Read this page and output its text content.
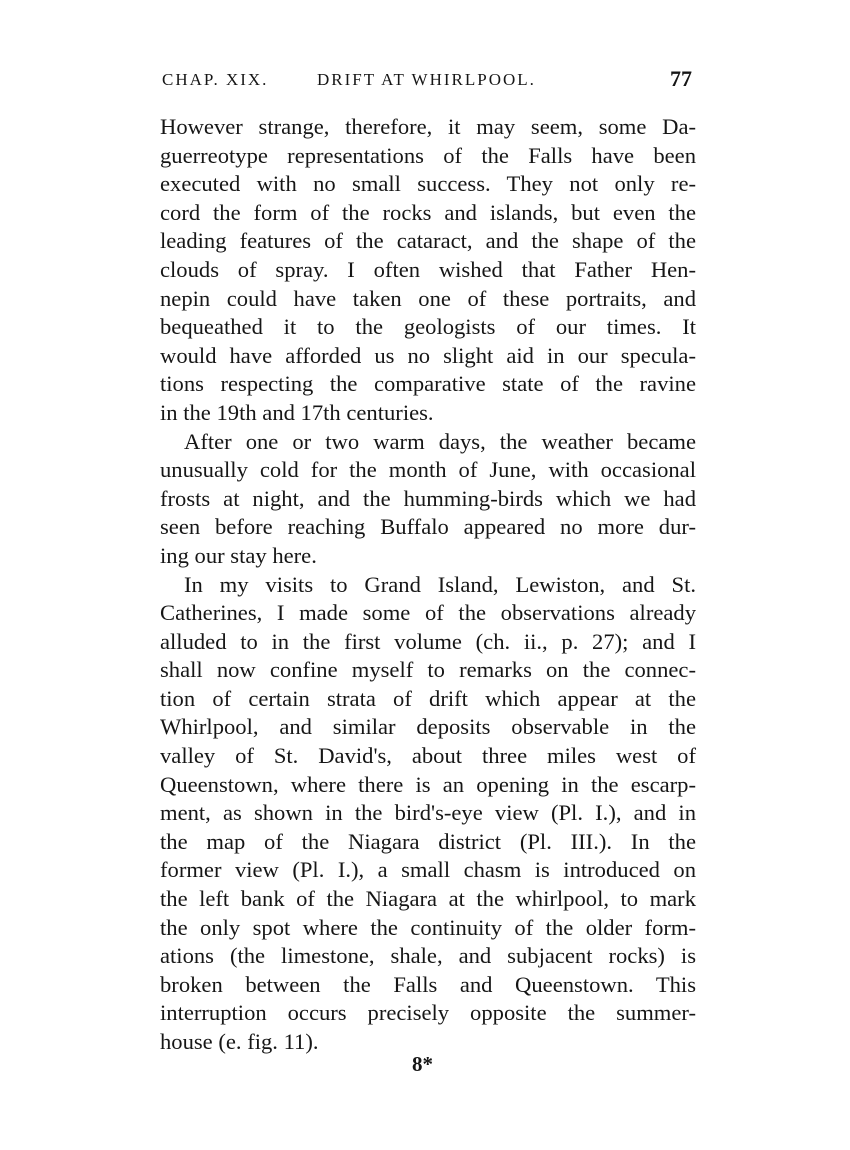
CHAP. XIX.	DRIFT AT WHIRLPOOL.	77
However strange, therefore, it may seem, some Da-
guerreotype representations of the Falls have been
executed with no small success. They not only re-
cord the form of the rocks and islands, but even the
leading features of the cataract, and the shape of the
clouds of spray. I often wished that Father Hen-
nepin could have taken one of these portraits, and
bequeathed it to the geologists of our times. It
would have afforded us no slight aid in our specula-
tions respecting the comparative state of the ravine
in the 19th and 17th centuries.
After one or two warm days, the weather became
unusually cold for the month of June, with occasional
frosts at night, and the humming-birds which we had
seen before reaching Buffalo appeared no more dur-
ing our stay here.
In my visits to Grand Island, Lewiston, and St.
Catherines, I made some of the observations already
alluded to in the first volume (ch. ii., p. 27); and I
shall now confine myself to remarks on the connec-
tion of certain strata of drift which appear at the
Whirlpool, and similar deposits observable in the
valley of St. David's, about three miles west of
Queenstown, where there is an opening in the escarp-
ment, as shown in the bird's-eye view (Pl. I.), and in
the map of the Niagara district (Pl. III.). In the
former view (Pl. I.), a small chasm is introduced on
the left bank of the Niagara at the whirlpool, to mark
the only spot where the continuity of the older form-
ations (the limestone, shale, and subjacent rocks) is
broken between the Falls and Queenstown. This
interruption occurs precisely opposite the summer-
house (e. fig. 11).
8*
